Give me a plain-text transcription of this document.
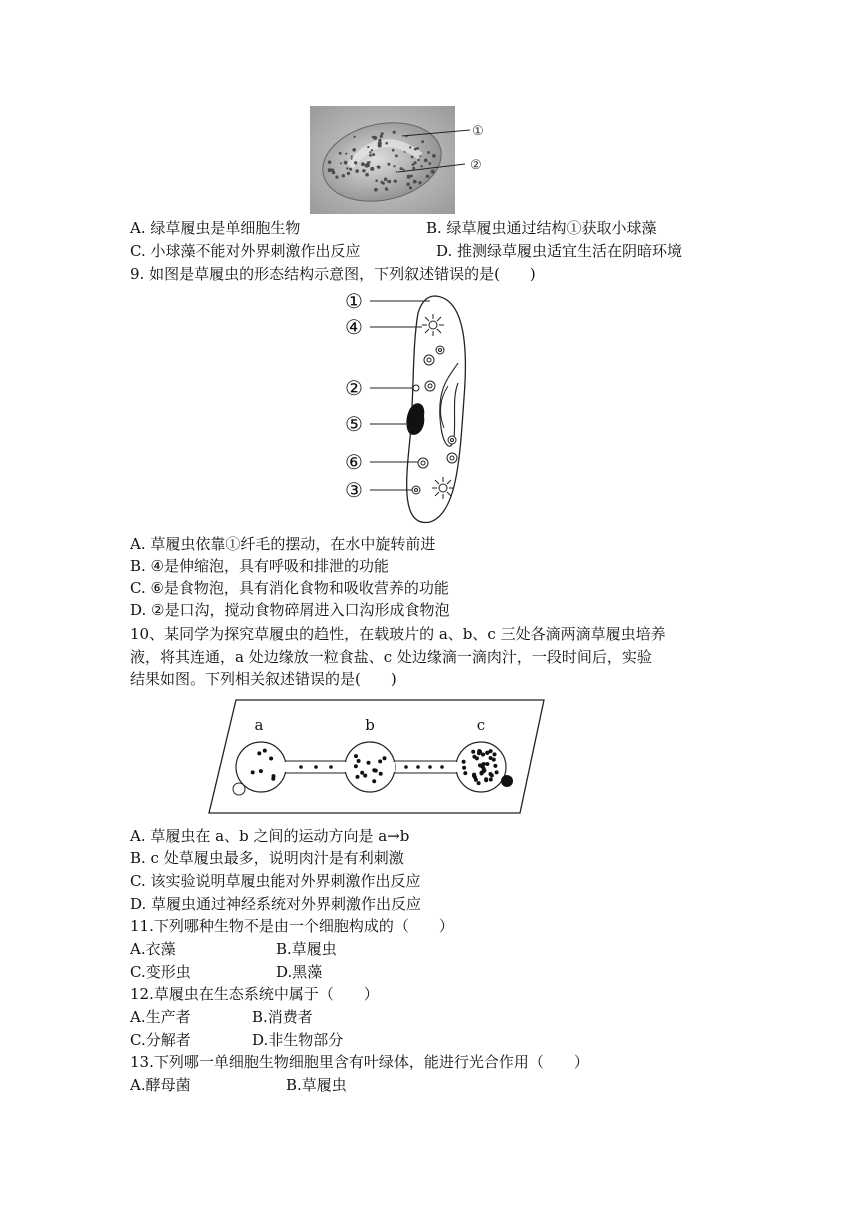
①
②
A. 绿草履虫是单细胞生物	B. 绿草履虫通过结构①获取小球藻
C. 小球藻不能对外界刺激作出反应	D. 推测绿草履虫适宜生活在阴暗环境
9. 如图是草履虫的形态结构示意图，下列叙述错误的是(　　)
①
④
②
⑤
⑥
③
A. 草履虫依靠①纤毛的摆动，在水中旋转前进
B. ④是伸缩泡，具有呼吸和排泄的功能
C. ⑥是食物泡，具有消化食物和吸收营养的功能
D. ②是口沟，搅动食物碎屑进入口沟形成食物泡
10、某同学为探究草履虫的趋性，在载玻片的 a、b、c 三处各滴两滴草履虫培养
液，将其连通，a 处边缘放一粒食盐、c 处边缘滴一滴肉汁，一段时间后，实验
结果如图。下列相关叙述错误的是(　　)
a	b	c
A. 草履虫在 a、b 之间的运动方向是 a→b
B. c 处草履虫最多，说明肉汁是有利刺激
C. 该实验说明草履虫能对外界刺激作出反应
D. 草履虫通过神经系统对外界刺激作出反应
11.下列哪种生物不是由一个细胞构成的（　　）
A.衣藻	B.草履虫
C.变形虫	D.黑藻
12.草履虫在生态系统中属于（　　）
A.生产者	B.消费者
C.分解者	D.非生物部分
13.下列哪一单细胞生物细胞里含有叶绿体，能进行光合作用（　　）
A.酵母菌	B.草履虫
